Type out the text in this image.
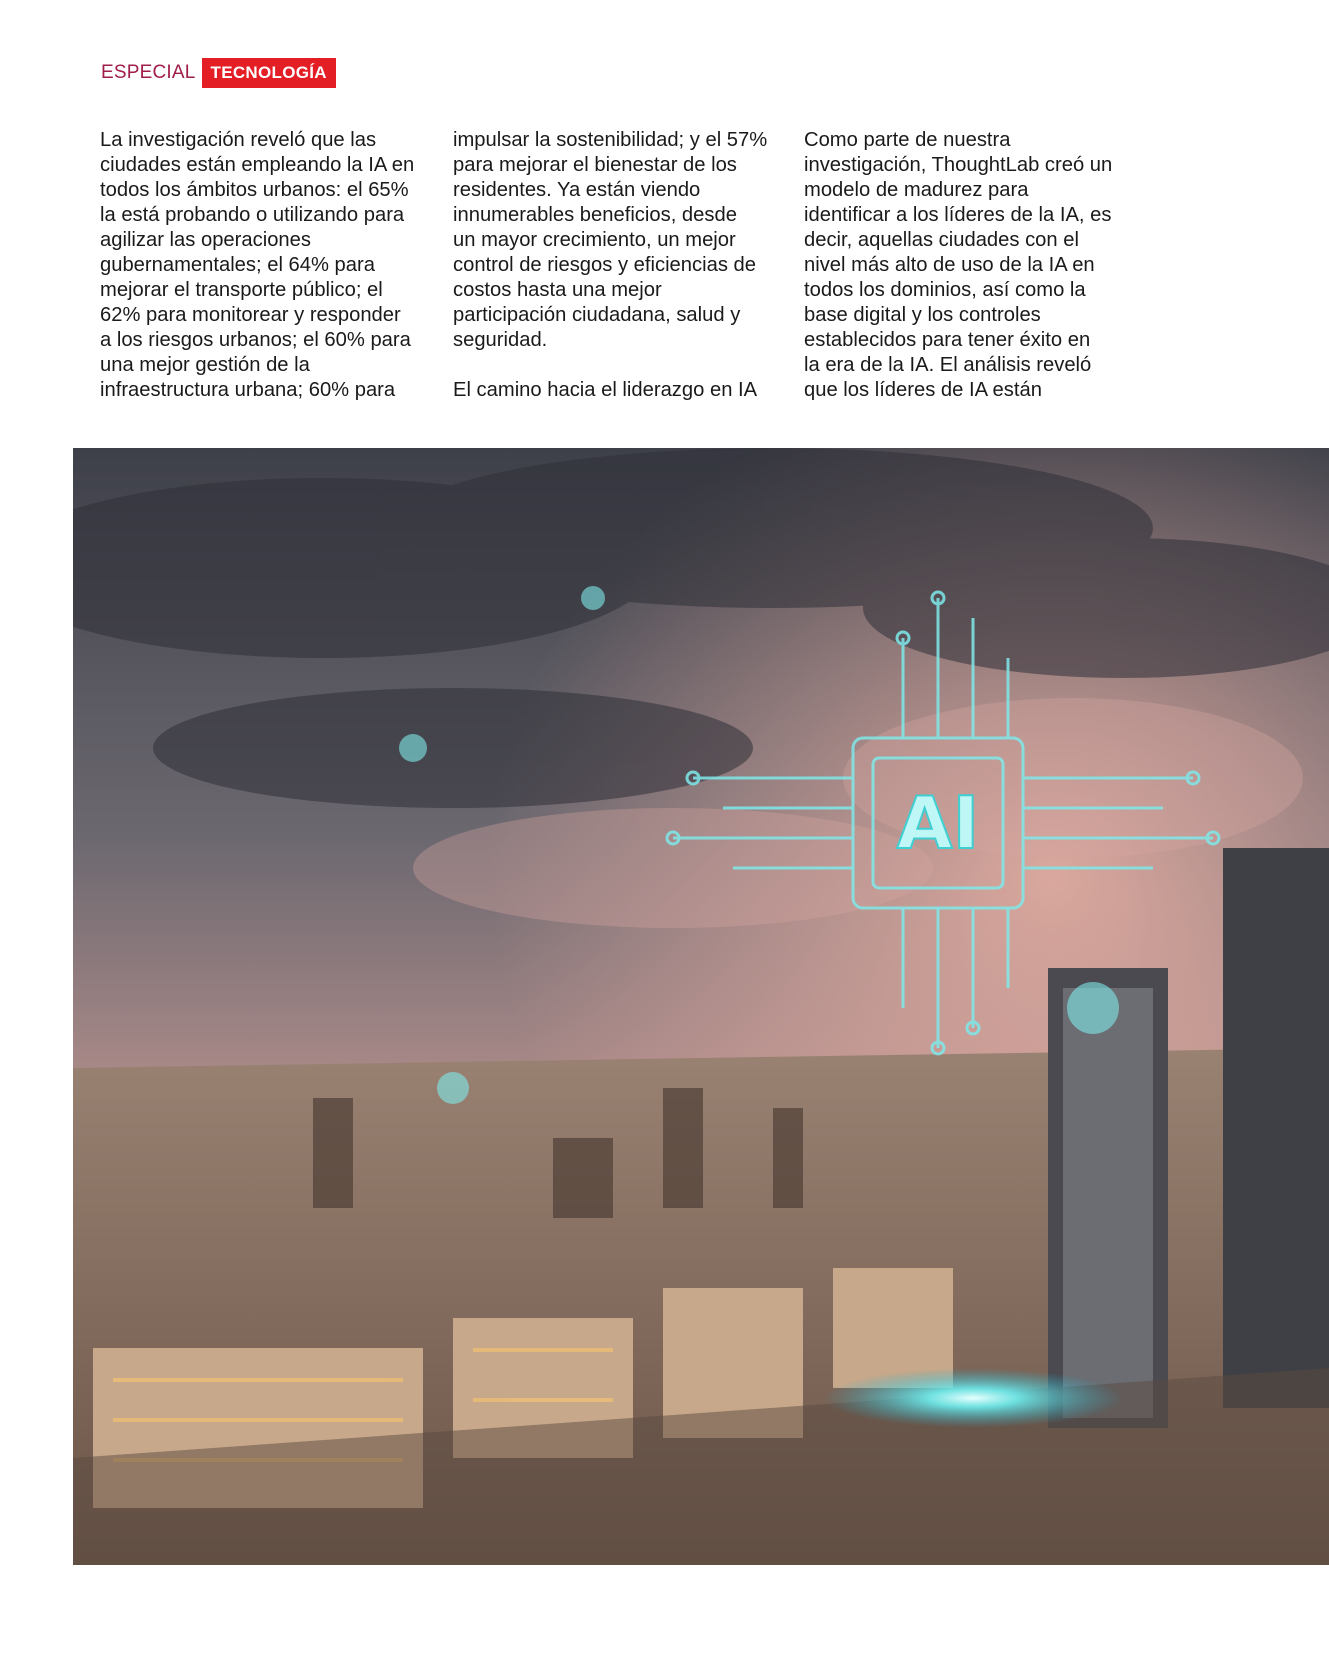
ESPECIAL TECNOLOGÍA

La investigación reveló que las
ciudades están empleando la IA en
todos los ámbitos urbanos: el 65%
la está probando o utilizando para
agilizar las operaciones
gubernamentales; el 64% para
mejorar el transporte público; el
62% para monitorear y responder
a los riesgos urbanos; el 60% para
una mejor gestión de la
infraestructura urbana; 60% para

impulsar la sostenibilidad; y el 57%
para mejorar el bienestar de los
residentes. Ya están viendo
innumerables beneficios, desde
un mayor crecimiento, un mejor
control de riesgos y eficiencias de
costos hasta una mejor
participación ciudadana, salud y
seguridad.

El camino hacia el liderazgo en IA

Como parte de nuestra
investigación, ThoughtLab creó un
modelo de madurez para
identificar a los líderes de la IA, es
decir, aquellas ciudades con el
nivel más alto de uso de la IA en
todos los dominios, así como la
base digital y los controles
establecidos para tener éxito en
la era de la IA. El análisis reveló
que los líderes de IA están

AI
